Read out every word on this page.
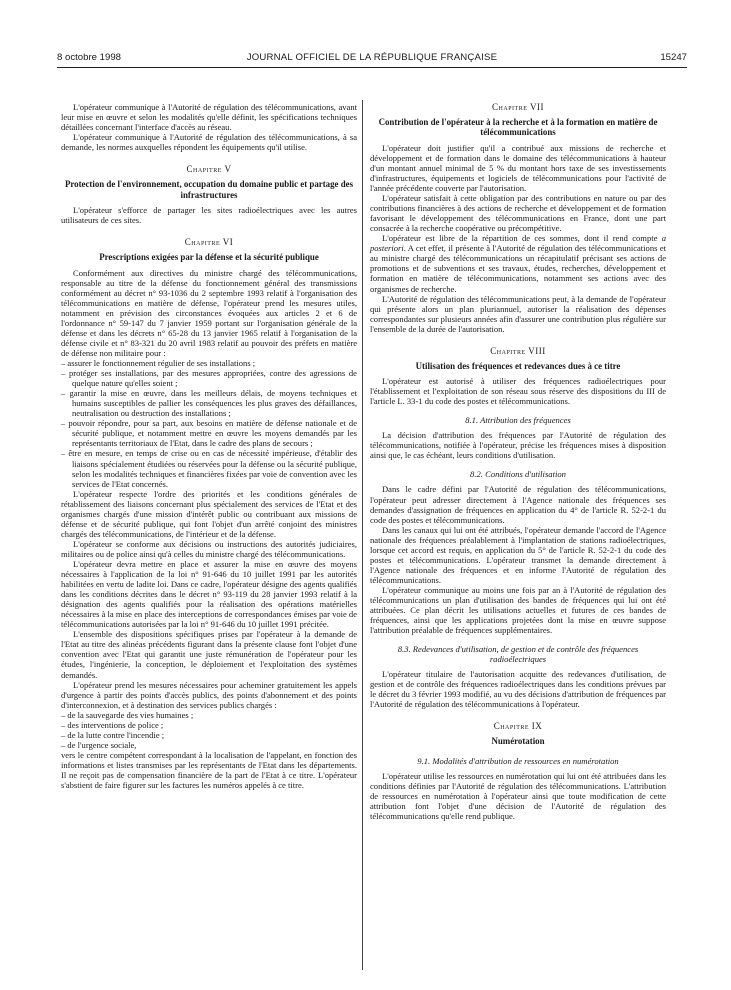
8 octobre 1998	JOURNAL OFFICIEL DE LA RÉPUBLIQUE FRANÇAISE	15247

L'opérateur communique à l'Autorité de régulation des télécommunications, avant leur mise en œuvre et selon les modalités qu'elle définit, les spécifications techniques détaillées concernant l'interface d'accès au réseau.

L'opérateur communique à l'Autorité de régulation des télécommunications, à sa demande, les normes auxquelles répondent les équipements qu'il utilise.

Chapitre V
Protection de l'environnement, occupation du domaine public et partage des infrastructures

L'opérateur s'efforce de partager les sites radioélectriques avec les autres utilisateurs de ces sites.

Chapitre VI
Prescriptions exigées par la défense et la sécurité publique

Conformément aux directives du ministre chargé des télécommunications, responsable au titre de la défense du fonctionnement général des transmissions conformément au décret n° 93-1036 du 2 septembre 1993 relatif à l'organisation des télécommunications en matière de défense, l'opérateur prend les mesures utiles, notamment en prévision des circonstances évoquées aux articles 2 et 6 de l'ordonnance n° 59-147 du 7 janvier 1959 portant sur l'organisation générale de la défense et dans les décrets n° 65-28 du 13 janvier 1965 relatif à l'organisation de la défense civile et n° 83-321 du 20 avril 1983 relatif au pouvoir des préfets en matière de défense non militaire pour :

– assurer le fonctionnement régulier de ses installations ;
– protéger ses installations, par des mesures appropriées, contre des agressions de quelque nature qu'elles soient ;
– garantir la mise en œuvre, dans les meilleurs délais, de moyens techniques et humains susceptibles de pallier les conséquences les plus graves des défaillances, neutralisation ou destruction des installations ;
– pouvoir répondre, pour sa part, aux besoins en matière de défense nationale et de sécurité publique, et notamment mettre en œuvre les moyens demandés par les représentants territoriaux de l'Etat, dans le cadre des plans de secours ;
– être en mesure, en temps de crise ou en cas de nécessité impérieuse, d'établir des liaisons spécialement étudiées ou réservées pour la défense ou la sécurité publique, selon les modalités techniques et financières fixées par voie de convention avec les services de l'Etat concernés.

L'opérateur respecte l'ordre des priorités et les conditions générales de rétablissement des liaisons concernant plus spécialement des services de l'Etat et des organismes chargés d'une mission d'intérêt public ou contribuant aux missions de défense et de sécurité publique, qui font l'objet d'un arrêté conjoint des ministres chargés des télécommunications, de l'intérieur et de la défense.

L'opérateur se conforme aux décisions ou instructions des autorités judiciaires, militaires ou de police ainsi qu'à celles du ministre chargé des télécommunications.

L'opérateur devra mettre en place et assurer la mise en œuvre des moyens nécessaires à l'application de la loi n° 91-646 du 10 juillet 1991 par les autorités habilitées en vertu de ladite loi. Dans ce cadre, l'opérateur désigne des agents qualifiés dans les conditions décrites dans le décret n° 93-119 du 28 janvier 1993 relatif à la désignation des agents qualifiés pour la réalisation des opérations matérielles nécessaires à la mise en place des interceptions de correspondances émises par voie de télécommunications autorisées par la loi n° 91-646 du 10 juillet 1991 précitée.

L'ensemble des dispositions spécifiques prises par l'opérateur à la demande de l'Etat au titre des alinéas précédents figurant dans la présente clause font l'objet d'une convention avec l'Etat qui garantit une juste rémunération de l'opérateur pour les études, l'ingénierie, la conception, le déploiement et l'exploitation des systèmes demandés.

L'opérateur prend les mesures nécessaires pour acheminer gratuitement les appels d'urgence à partir des points d'accès publics, des points d'abonnement et des points d'interconnexion, et à destination des services publics chargés :

– de la sauvegarde des vies humaines ;
– des interventions de police ;
– de la lutte contre l'incendie ;
– de l'urgence sociale,

vers le centre compétent correspondant à la localisation de l'appelant, en fonction des informations et listes transmises par les représentants de l'Etat dans les départements. Il ne reçoit pas de compensation financière de la part de l'Etat à ce titre. L'opérateur s'abstient de faire figurer sur les factures les numéros appelés à ce titre.

Chapitre VII
Contribution de l'opérateur à la recherche et à la formation en matière de télécommunications

L'opérateur doit justifier qu'il a contribué aux missions de recherche et développement et de formation dans le domaine des télécommunications à hauteur d'un montant annuel minimal de 5 % du montant hors taxe de ses investissements d'infrastructures, équipements et logiciels de télécommunications pour l'activité de l'année précédente couverte par l'autorisation.

L'opérateur satisfait à cette obligation par des contributions en nature ou par des contributions financières à des actions de recherche et développement et de formation favorisant le développement des télécommunications en France, dont une part consacrée à la recherche coopérative ou précompétitive.

L'opérateur est libre de la répartition de ces sommes, dont il rend compte a posteriori. A cet effet, il présente à l'Autorité de régulation des télécommunications et au ministre chargé des télécommunications un récapitulatif précisant ses actions de promotions et de subventions et ses travaux, études, recherches, développement et formation en matière de télécommunications, notamment ses actions avec des organismes de recherche.

L'Autorité de régulation des télécommunications peut, à la demande de l'opérateur qui présente alors un plan pluriannuel, autoriser la réalisation des dépenses correspondantes sur plusieurs années afin d'assurer une contribution plus régulière sur l'ensemble de la durée de l'autorisation.

Chapitre VIII
Utilisation des fréquences et redevances dues à ce titre

L'opérateur est autorisé à utiliser des fréquences radioélectriques pour l'établissement et l'exploitation de son réseau sous réserve des dispositions du III de l'article L. 33-1 du code des postes et télécommunications.

8.1. Attribution des fréquences

La décision d'attribution des fréquences par l'Autorité de régulation des télécommunications, notifiée à l'opérateur, précise les fréquences mises à disposition ainsi que, le cas échéant, leurs conditions d'utilisation.

8.2. Conditions d'utilisation

Dans le cadre défini par l'Autorité de régulation des télécommunications, l'opérateur peut adresser directement à l'Agence nationale des fréquences ses demandes d'assignation de fréquences en application du 4° de l'article R. 52-2-1 du code des postes et télécommunications.

Dans les canaux qui lui ont été attribués, l'opérateur demande l'accord de l'Agence nationale des fréquences préalablement à l'implantation de stations radioélectriques, lorsque cet accord est requis, en application du 5° de l'article R. 52-2-1 du code des postes et télécommunications. L'opérateur transmet la demande directement à l'Agence nationale des fréquences et en informe l'Autorité de régulation des télécommunications.

L'opérateur communique au moins une fois par an à l'Autorité de régulation des télécommunications un plan d'utilisation des bandes de fréquences qui lui ont été attribuées. Ce plan décrit les utilisations actuelles et futures de ces bandes de fréquences, ainsi que les applications projetées dont la mise en œuvre suppose l'attribution préalable de fréquences supplémentaires.

8.3. Redevances d'utilisation, de gestion et de contrôle des fréquences radioélectriques

L'opérateur titulaire de l'autorisation acquitte des redevances d'utilisation, de gestion et de contrôle des fréquences radioélectriques dans les conditions prévues par le décret du 3 février 1993 modifié, au vu des décisions d'attribution de fréquences par l'Autorité de régulation des télécommunications à l'opérateur.

Chapitre IX
Numérotation
9.1. Modalités d'attribution de ressources en numérotation

L'opérateur utilise les ressources en numérotation qui lui ont été attribuées dans les conditions définies par l'Autorité de régulation des télécommunications. L'attribution de ressources en numérotation à l'opérateur ainsi que toute modification de cette attribution font l'objet d'une décision de l'Autorité de régulation des télécommunications qu'elle rend publique.
